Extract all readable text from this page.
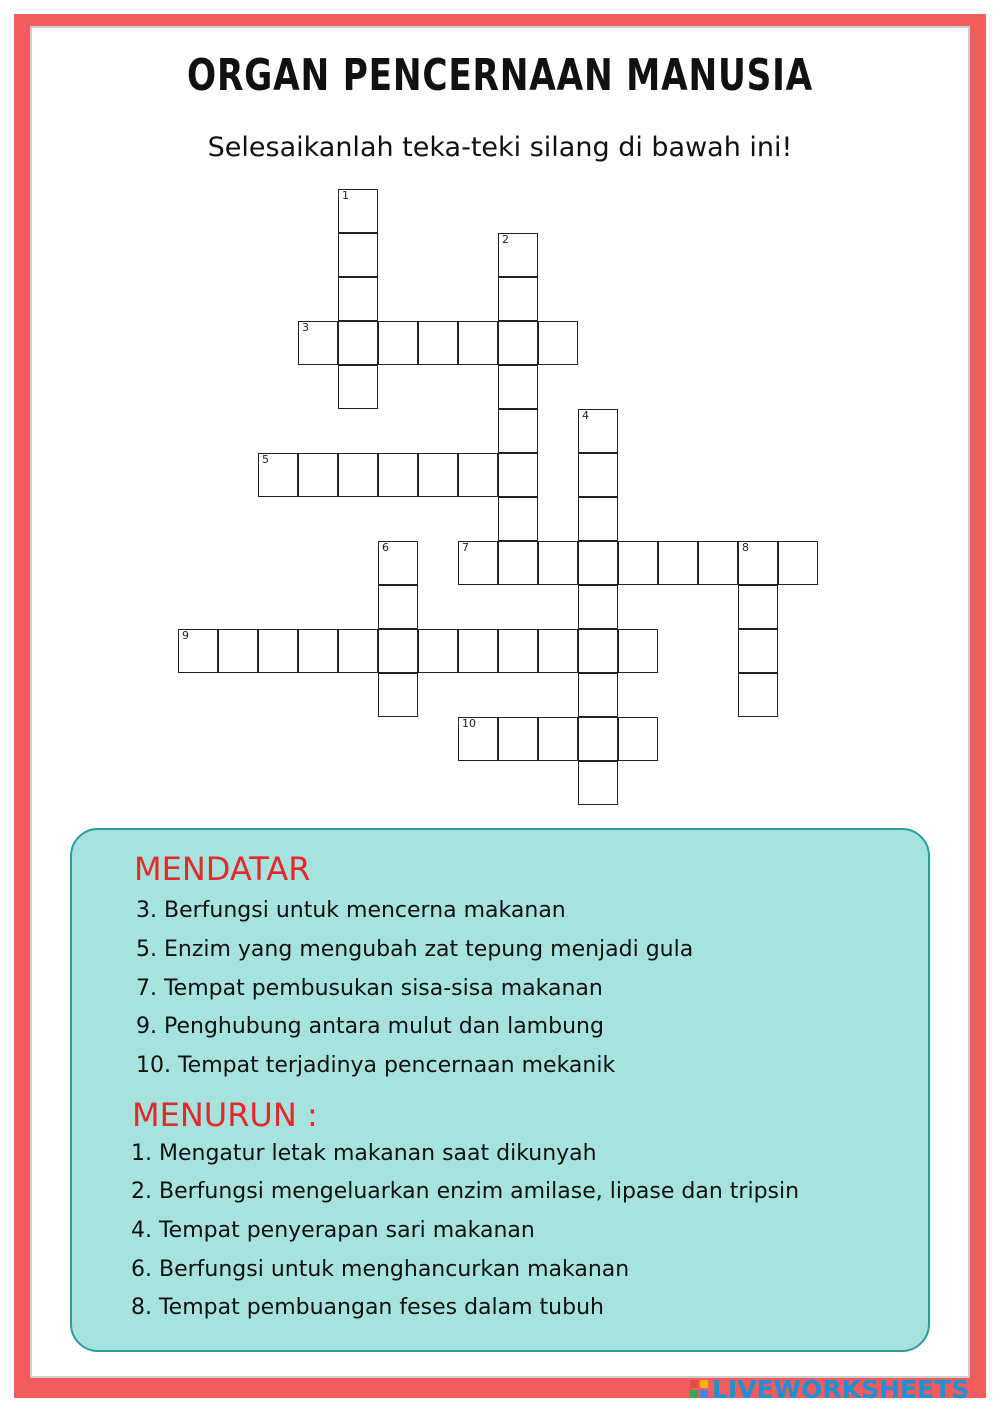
ORGAN PENCERNAAN MANUSIA
Selesaikanlah teka-teki silang di bawah ini!
1
2
3
4
5
6	7	8
9
10
MENDATAR
3. Berfungsi untuk mencerna makanan
5. Enzim yang mengubah zat tepung menjadi gula
7. Tempat pembusukan sisa-sisa makanan
9. Penghubung antara mulut dan lambung
10. Tempat terjadinya pencernaan mekanik
MENURUN :
1. Mengatur letak makanan saat dikunyah
2. Berfungsi mengeluarkan enzim amilase, lipase dan tripsin
4. Tempat penyerapan sari makanan
6. Berfungsi untuk menghancurkan makanan
8. Tempat pembuangan feses dalam tubuh
LIVEWORKSHEETS
